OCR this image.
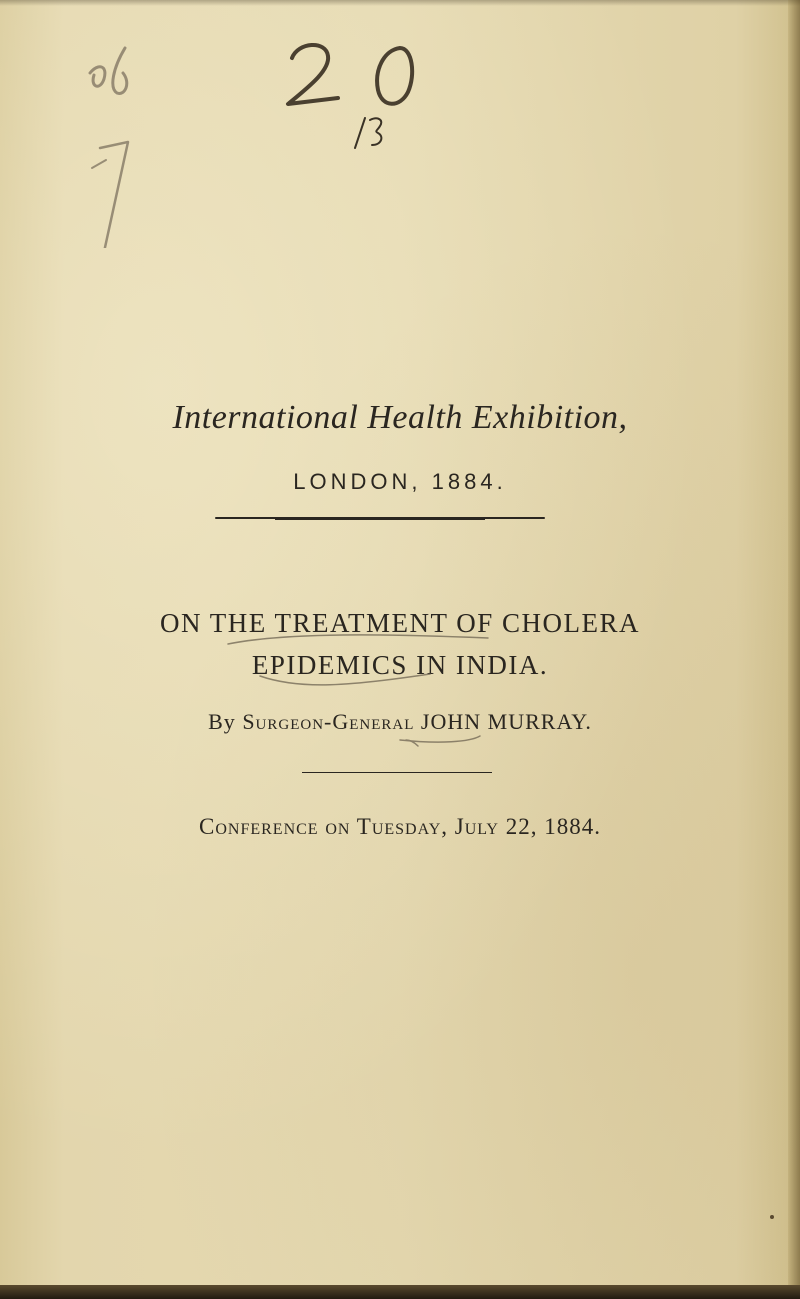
International Health Exhibition,
LONDON, 1884.
ON THE TREATMENT OF CHOLERA
EPIDEMICS IN INDIA.
By Surgeon-General JOHN MURRAY.
Conference on Tuesday, July 22, 1884.
